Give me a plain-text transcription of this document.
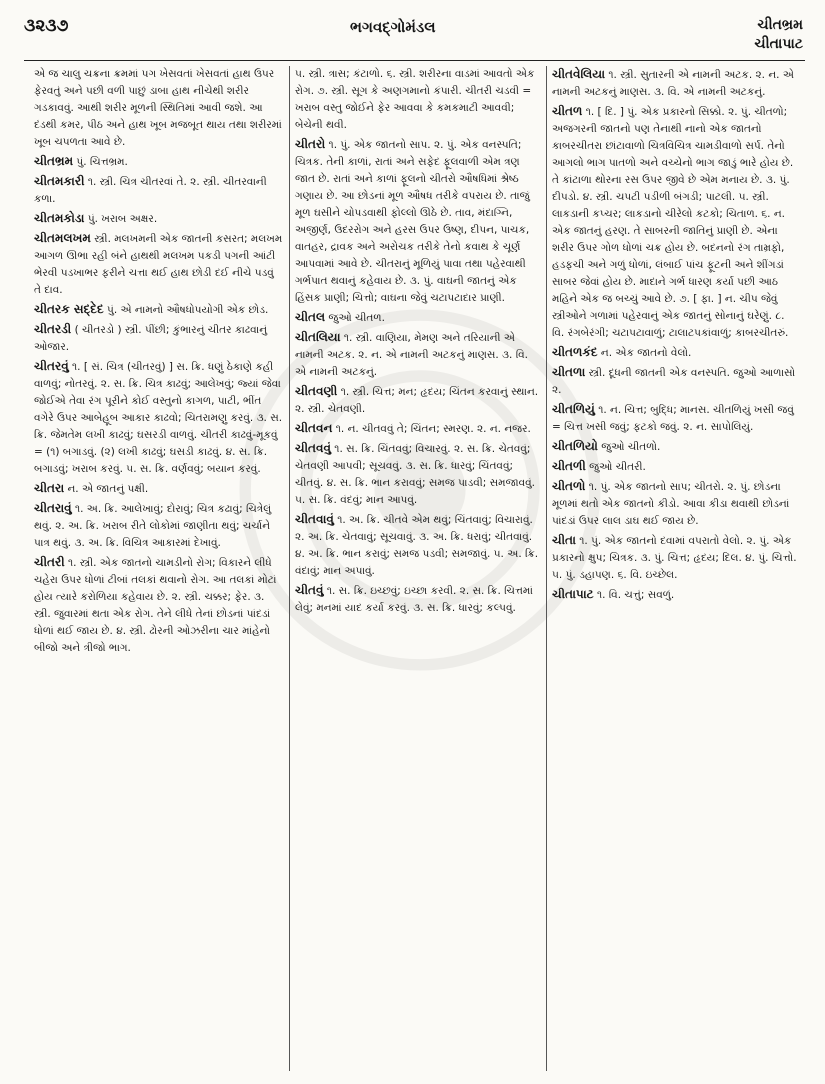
૩૨૩૭	ભગવદ્ગોમંડલ	ચીતભ્રમ
ચીતાપાટ

એ જ ચાલુ ચક્રના ક્રમમાં પગ ખેસવતાં ખેસવતાં હાથ ઉપર ફેરવતું અને પછી વળી પાછું ડાબા હાથ નીચેથી શરીર ગડકાવવું. આથી શરીર મૂળની સ્થિતિમાં આવી જશે. આ દંડથી કમર, પીઠ અને હાથ ખૂબ મજબૂત થાય તથા શરીરમાં ખૂબ ચપળતા આવે છે.

ચીતભ્રમ પું. ચિત્તભ્રમ.

ચીતમકારી ૧. સ્ત્રી. ચિત્ર ચીતરવાં તે. ૨. સ્ત્રી. ચીતરવાની કળા.

ચીતમકોડા પું. ખરાબ અક્ષર.

ચીતમલખમ સ્ત્રી. મલખમની એક જાતની કસરત; મલખમ આગળ ઊભા રહી બંને હાથથી મલખમ પકડી પગની આંટી ભેરવી પડખાભર ફરીને ચત્તા થઈ હાથ છોડી દઈ નીચે પડવું તે દાવ.

ચીતરક સદ્દેદ પું. એ નામનો ઔષધોપયોગી એક છોડ.

ચીતરડી ( ચીતરડો ) સ્ત્રી. પીંછી; કુંભારનું ચીતર કાઢવાનું ઓજાર.

ચીતરવું ૧. [ સં. ચિત્ર (ચીતરવું) ] સ. ક્રિ. ધણું ઠેકાણે કહી વાળવું; નોતરવું. ૨. સ. ક્રિ. ચિત્ર કાઢવું; આલેખવું; જ્યાં જેવા જોઈએ તેવા રંગ પૂરીને કોઈ વસ્તુનો કાગળ, પાટી, ભીંત વગેરે ઉપર આબેહૂબ આકાર કાઢવો; ચિતરામણુ કરવું. ૩. સ. ક્રિ. જેમતેમ લખી કાઢવું; ઘસરડી વાળવું. ચીતરી કાઢવું-મૂકવું = (૧) બગાડવું. (૨) લખી કાઢવું; ઘસડી કાઢવું. ૪. સ. ક્રિ. બગાડવું; ખરાબ કરવું. ૫. સ. ક્રિ. વર્ણવવું; બયાન કરવું.

ચીતરા ન. એ જાતનું પક્ષી.

ચીતરાવું ૧. અ. ક્રિ. આલેખાવું; દોરાવું; ચિત્ર કઢાવું; ચિત્રેલું થવું. ૨. અ. ક્રિ. ખરાબ રીતે લોકોમાં જાણીતા થવું; ચર્ચાને પાત્ર થવું. ૩. અ. ક્રિ. વિચિત્ર આકારમાં દેખાવું.

ચીતરી ૧. સ્ત્રી. એક જાતનો ચામડીનો રોગ; વિકારને લીધે ચહેરા ઉપર ધોળાં ટીબાં તલકાં થવાનો રોગ. આ તલકાં મોટાં હોય ત્યારે કરોળિયા કહેવાય છે. ૨. સ્ત્રી. ચક્કર; ફેર. ૩. સ્ત્રી. જુવારમાં થતા એક રોગ. તેને લીધે તેનાં છોડનાં પાંદડાં ધોળાં થઈ જાય છે. ૪. સ્ત્રી. ઢોરની ઓઝરીના ચાર માંહેનો બીજો અને ત્રીજો ભાગ.

૫. સ્ત્રી. ત્રાસ; કંટાળો. ૬. સ્ત્રી. શરીરના વાડમાં આવતો એક રોગ. ૭. સ્ત્રી. સૂગ કે અણગમાનો કંપારી. ચીતરી ચડવી = ખરાબ વસ્તુ જોઈને ફેર આવવા કે કમકમાટી આવવી; બેચેની થવી.

ચીતરો ૧. પું. એક જાતનો સાપ. ૨. પું. એક વનસ્પતિ; ચિત્રક. તેની કાળાં, રાતાં અને સફેદ ફૂલવાળી એમ ત્રણ જાત છે. રાતાં અને કાળાં ફૂલનો ચીતરો ઔષધિમાં શ્રેષ્ઠ ગણાય છે. આ છોડનાં મૂળ ઔષધ તરીકે વપરાય છે. તાજું મૂળ ઘસીને ચોપડવાથી ફોલ્લો ઊઠે છે. તાવ, મંદાગ્નિ, અજીર્ણ, ઉદરરોગ અને હરસ ઉપર ઉષ્ણ, દીપન, પાચક, વાતહર, દ્રાવક અને અરોચક તરીકે તેનો કવાથ કે ચૂર્ણ આપવામાં આવે છે. ચીતરાનું મૂળિયું પાવા તથા પહેરવાથી ગર્ભપાત થવાનું કહેવાય છે. ૩. પું. વાઘની જાતનું એક હિંસક પ્રાણી; ચિત્તો; વાઘના જેવું ચટાપટાદાર પ્રાણી.

ચીતલ જુઓ ચીતળ.

ચીતલિયા ૧. સ્ત્રી. વાણિયા, મેમણ અને તરિયાની એ નામની અટક. ૨. ન. એ નામની અટકનું માણસ. ૩. વિ. એ નામની અટકનું.

ચીતવણી ૧. સ્ત્રી. ચિત્ત; મન; હૃદય; ચિંતન કરવાનું સ્થાન. ૨. સ્ત્રી. ચેતવણી.

ચીતવન ૧. ન. ચીતવવું તે; ચિંતન; સ્મરણ. ૨. ન. નજર.

ચીતવવું ૧. સ. ક્રિ. ચિંતવવું; વિચારવું. ૨. સ. ક્રિ. ચેતવવું; ચેતવણી આપવી; સૂચવવું. ૩. સ. ક્રિ. ધારવું; ચિંતવવું; ચીતવું. ૪. સ. ક્રિ. ભાન કરાવવું; સમજ પાડવી; સમજાવવું. ૫. સ. ક્રિ. વંદવું; માન આપવું.

ચીતવાવું ૧. અ. ક્રિ. ચીતવે એમ થવું; ચિંતવાવું; વિચારાવું. ૨. અ. ક્રિ. ચેતવાવું; સૂચવાવું. ૩. અ. ક્રિ. ધરાવું; ચીતવાવું. ૪. અ. ક્રિ. ભાન કરાવું; સમજ પડવી; સમજાવું. ૫. અ. ક્રિ. વંદાવું; માન અપાવું.

ચીતવું ૧. સ. ક્રિ. ઇચ્છવું; ઇચ્છા કરવી. ૨. સ. ક્રિ. ચિત્તમાં લેવું; મનમાં યાદ કર્યા કરવું. ૩. સ. ક્રિ. ધારવું; કલ્પવું.

ચીતવેલિયા ૧. સ્ત્રી. સુતારની એ નામની અટક. ૨. ન. એ નામની અટકનું માણસ. ૩. વિ. એ નામની અટકનું.

ચીતળ ૧. [ દિ. ] પું. એક પ્રકારનો સિક્કો. ૨. પું. ચીતળો; અજગરની જાતનો પણ તેનાથી નાનો એક જાતનો કાબરચીતરા છાંટાવાળો ચિત્રવિચિત્ર ચામડીવાળો સર્પ. તેનો આગલો ભાગ પાતળો અને વચ્ચેનો ભાગ જાડું ભારે હોય છે. તે કાંટાળા થોરના રસ ઉપર જીવે છે એમ મનાય છે. ૩. પું. દીપડો. ૪. સ્ત્રી. ચપટી પડીળી બંગડી; પાટલી. ૫. સ્ત્રી. લાકડાની કપ્ચર; લાકડાનો ચીરેલો કટકો; ચિતાળ. ૬. ન. એક જાતનું હરણ. તે સાબરની જાતિનું પ્રાણી છે. એના શરીર ઉપર ગોળ ધોળાં ચક્ર હોય છે. બદનનો રંગ તામ્રફો, હડફચી અને ગળું ધોળાં, લંબાઈ પાંચ ફૂટની અને શીંગડાં સાબર જેવાં હોય છે. માદાને ગર્ભ ધારણ કર્યા પછી આઠ મહિને એક જ બચ્ચું આવે છે. ૭. [ ફા. ] ન. ચીપ જેવું સ્ત્રીઓને ગળામાં પહેરવાનું એક જાતનું સોનાનું ઘરેણું. ૮. વિ. રંગબેરંગી; ચટાપટાવાળું; ટાલાટપકાંવાળું; કાબરચીતરું.

ચીતળકંદ ન. એક જાતનો વેલો.

ચીતળા સ્ત્રી. દૂધની જાતની એક વનસ્પતિ. જુઓ આળાસો ૨.

ચીતળિયું ૧. ન. ચિત્ત; બુદ્ધિ; માનસ. ચીતળિયું ખસી જવું = ચિત્ત ખસી જવું; ફટકો જવું. ૨. ન. સાપોલિયું.

ચીતળિયો જુઓ ચીતળો.

ચીતળી જુઓ ચીતરી.

ચીતળો ૧. પું. એક જાતનો સાપ; ચીતરો. ૨. પું. છોડના મૂળમાં થતો એક જાતનો કીડો. આવા કીડા થવાથી છોડનાં પાંદડાં ઉપર લાલ ડાઘ થઈ જાય છે.

ચીતા ૧. પું. એક જાતનો દવામાં વપરાતો વેલો. ૨. પું. એક પ્રકારનો ક્ષુપ; ચિત્રક. ૩. પું. ચિત્ત; હૃદય; દિલ. ૪. પું. ચિત્તો. ૫. પું. ડહાપણ. ૬. વિ. ઇચ્છેલ.

ચીતાપાટ ૧. વિ. ચત્તું; સવળું.
